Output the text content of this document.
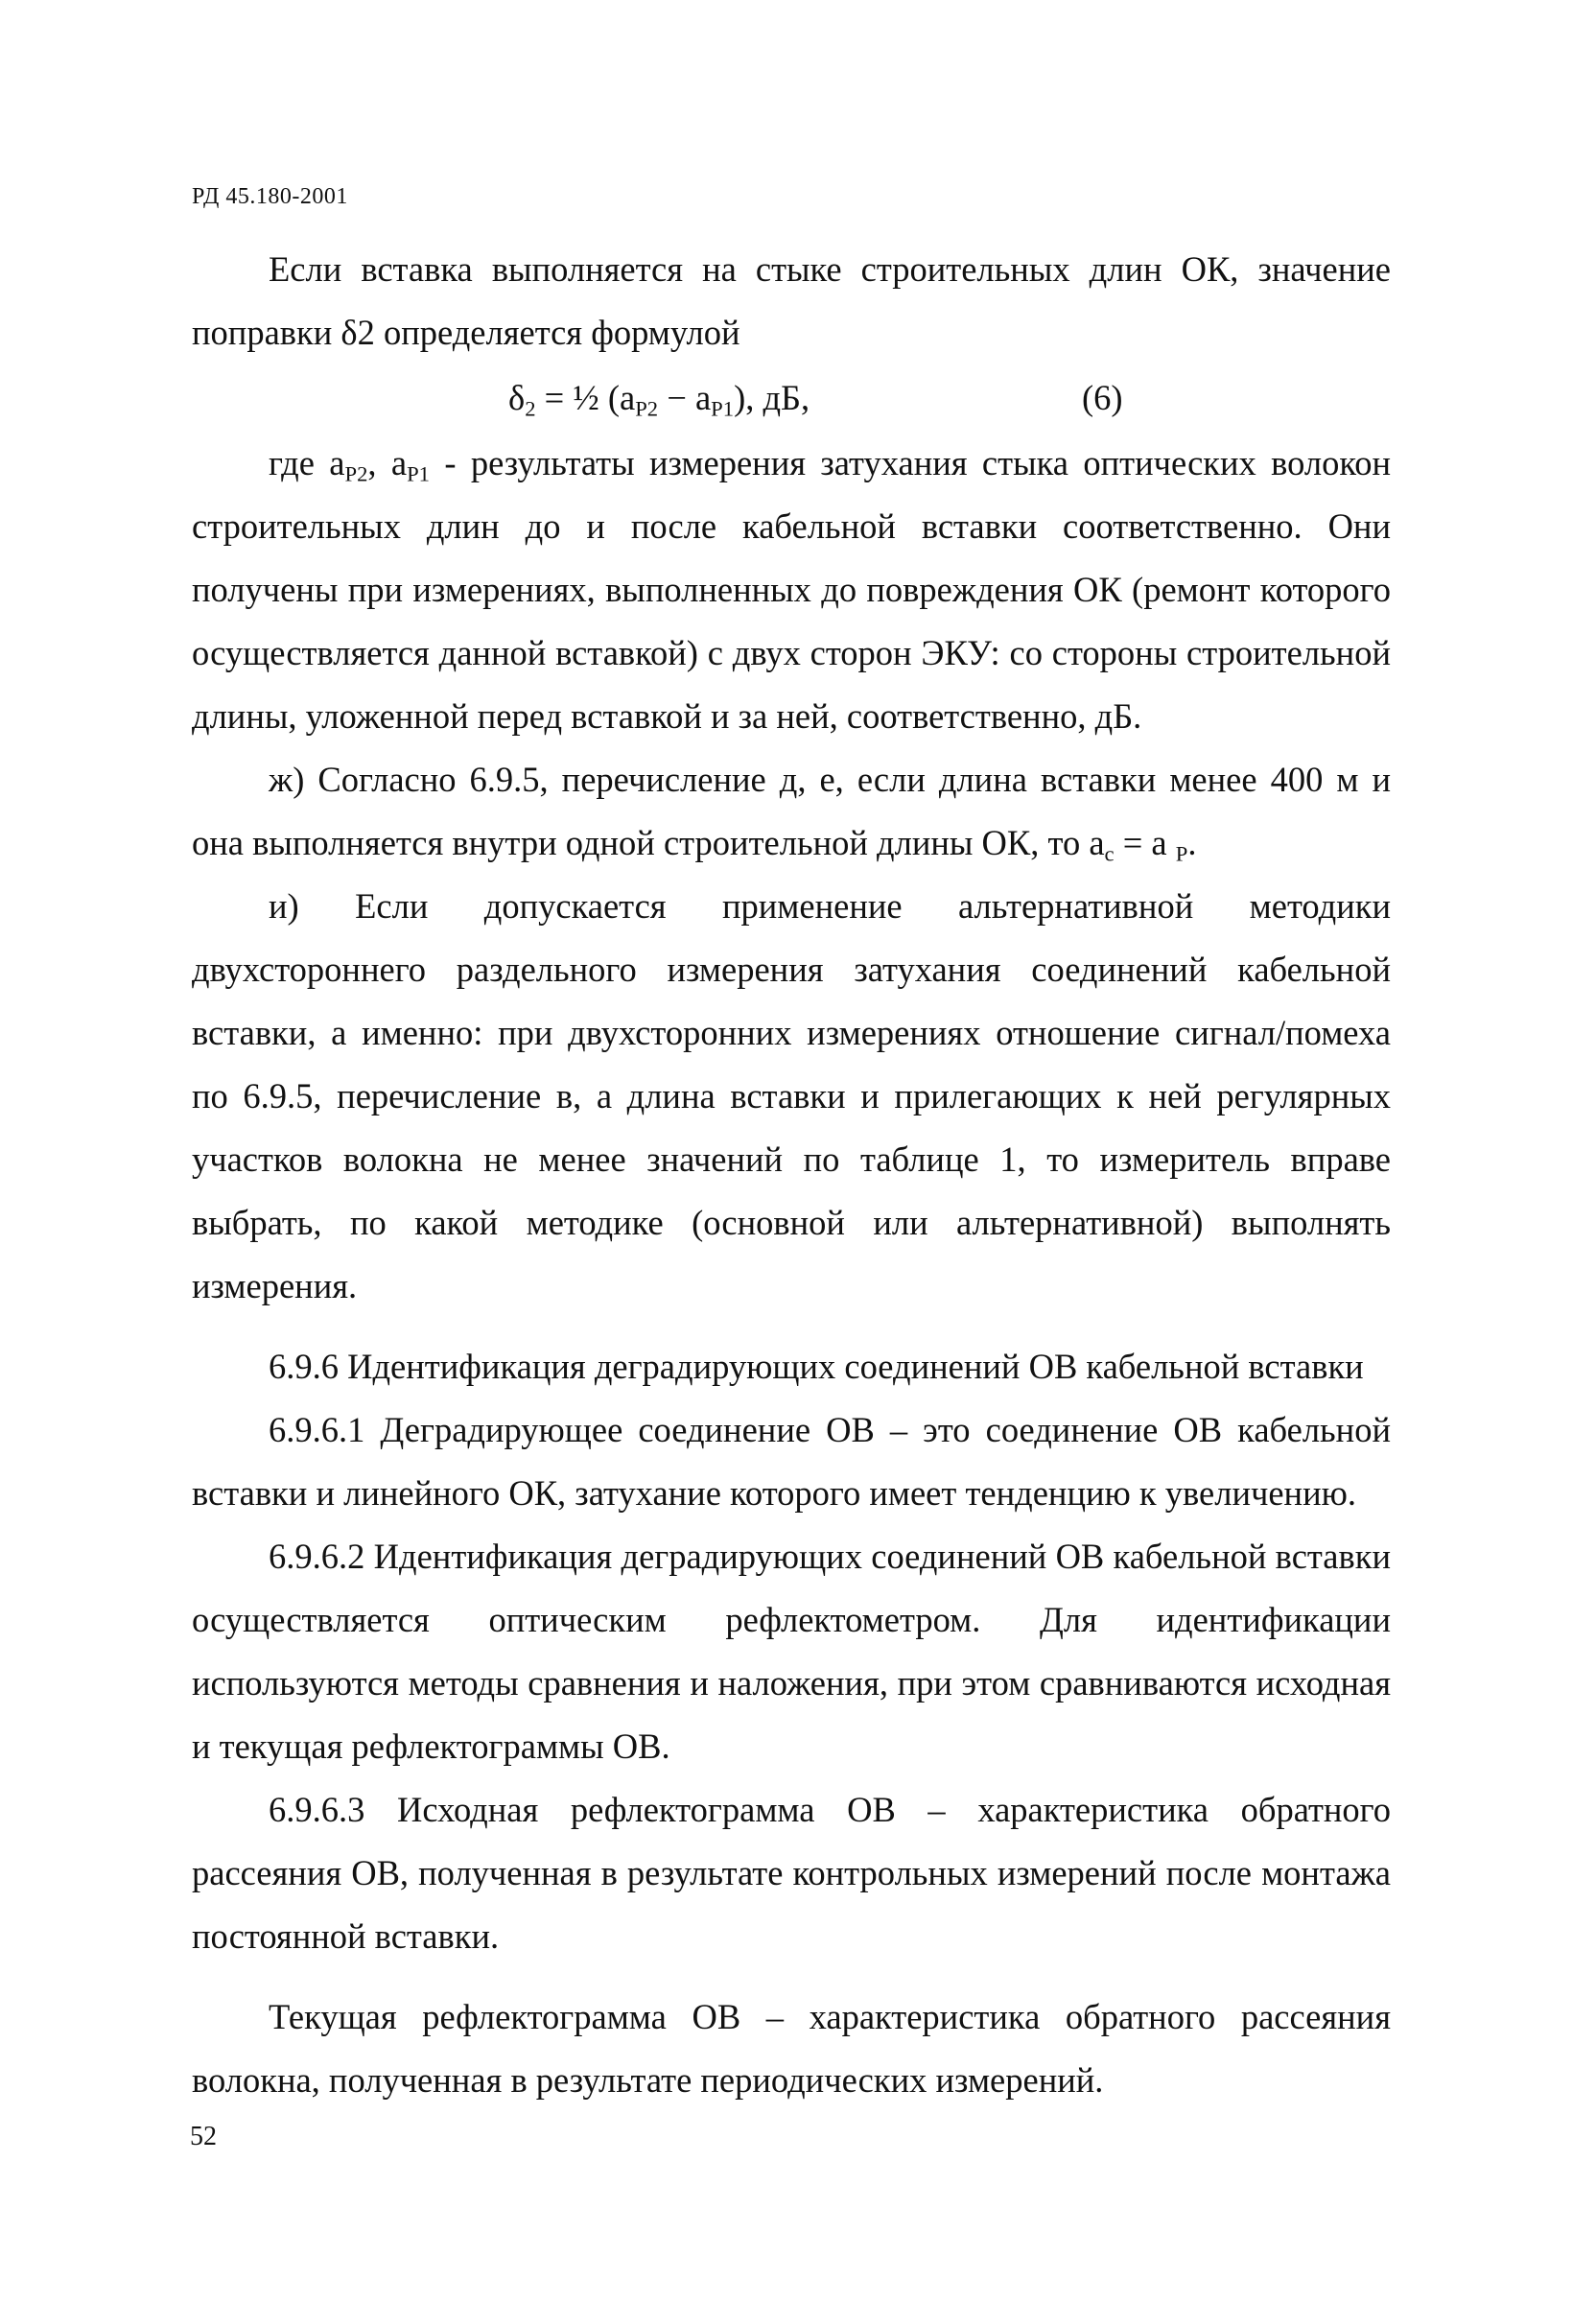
РД 45.180-2001

Если вставка выполняется на стыке строительных длин ОК, значение поправки δ2 определяется формулой

$\delta_2$ = ½ $(a_{P2} - a_{P1})$, дБ,	(6)

где $a_{P2}$, $a_{P1}$ - результаты измерения затухания стыка оптических волокон строительных длин до и после кабельной вставки соответственно. Они получены при измерениях, выполненных до повреждения ОК (ремонт которого осуществляется данной вставкой) с двух сторон ЭКУ: со стороны строительной длины, уложенной перед вставкой и за ней, соответственно, дБ.

ж) Согласно 6.9.5, перечисление д, е, если длина вставки менее 400 м и она выполняется внутри одной строительной длины ОК, то $a_c = a$ $_P$.

и) Если допускается применение альтернативной методики двухстороннего раздельного измерения затухания соединений кабельной вставки, а именно: при двухсторонних измерениях отношение сигнал/помеха по 6.9.5, перечисление в, а длина вставки и прилегающих к ней регулярных участков волокна не менее значений по таблице 1, то измеритель вправе выбрать, по какой методике (основной или альтернативной) выполнять измерения.

6.9.6 Идентификация деградирующих соединений ОВ кабельной вставки

6.9.6.1 Деградирующее соединение ОВ – это соединение ОВ кабельной вставки и линейного ОК, затухание которого имеет тенденцию к увеличению.

6.9.6.2 Идентификация деградирующих соединений ОВ кабельной вставки осуществляется оптическим рефлектометром. Для идентификации используются методы сравнения и наложения, при этом сравниваются исходная и текущая рефлектограммы ОВ.

6.9.6.3 Исходная рефлектограмма ОВ – характеристика обратного рассеяния ОВ, полученная в результате контрольных измерений после монтажа постоянной вставки.

Текущая рефлектограмма ОВ – характеристика обратного рассеяния волокна, полученная в результате периодических измерений.

52
